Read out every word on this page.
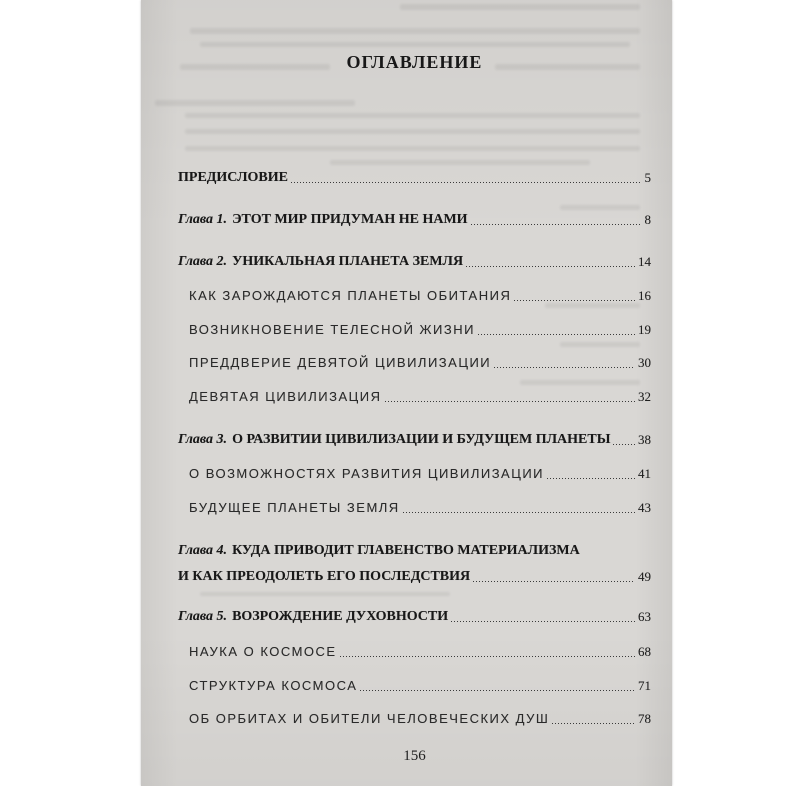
ОГЛАВЛЕНИЕ
ПРЕДИСЛОВИЕ	5
Глава 1. ЭТОТ МИР ПРИДУМАН НЕ НАМИ	8
Глава 2. УНИКАЛЬНАЯ ПЛАНЕТА ЗЕМЛЯ	14
КАК ЗАРОЖДАЮТСЯ ПЛАНЕТЫ ОБИТАНИЯ	16
ВОЗНИКНОВЕНИЕ ТЕЛЕСНОЙ ЖИЗНИ	19
ПРЕДДВЕРИЕ ДЕВЯТОЙ ЦИВИЛИЗАЦИИ	30
ДЕВЯТАЯ ЦИВИЛИЗАЦИЯ	32
Глава 3. О РАЗВИТИИ ЦИВИЛИЗАЦИИ И БУДУЩЕМ ПЛАНЕТЫ 38
О ВОЗМОЖНОСТЯХ РАЗВИТИЯ ЦИВИЛИЗАЦИИ	41
БУДУЩЕЕ ПЛАНЕТЫ ЗЕМЛЯ	43
Глава 4. КУДА ПРИВОДИТ ГЛАВЕНСТВО МАТЕРИАЛИЗМА
И КАК ПРЕОДОЛЕТЬ ЕГО ПОСЛЕДСТВИЯ	49
Глава 5. ВОЗРОЖДЕНИЕ ДУХОВНОСТИ	63
НАУКА О КОСМОСЕ	68
СТРУКТУРА КОСМОСА	71
ОБ ОРБИТАХ И ОБИТЕЛИ ЧЕЛОВЕЧЕСКИХ ДУШ	78
156
